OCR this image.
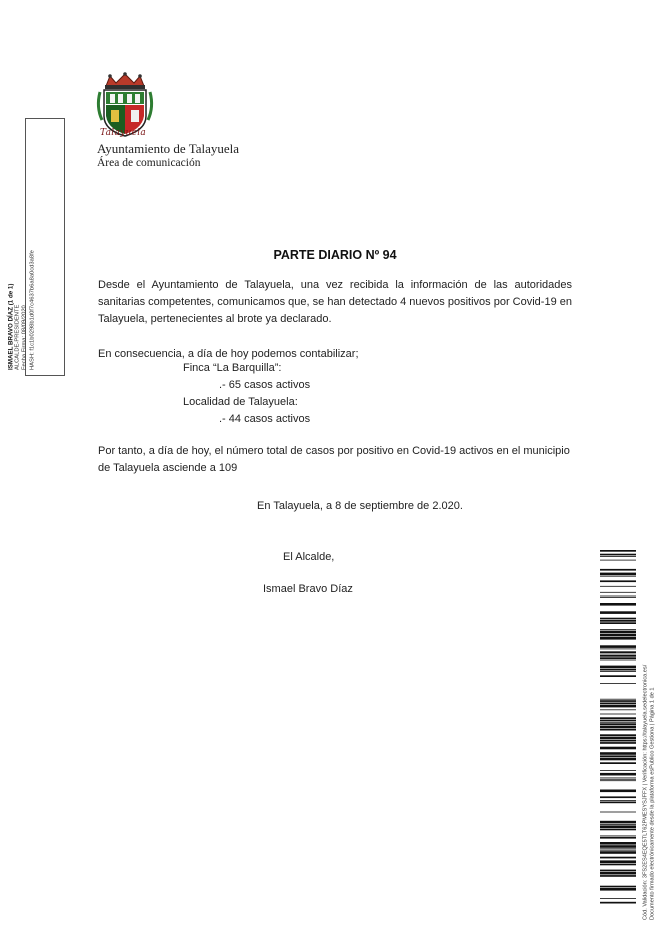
Talayuela
Ayuntamiento de Talayuela
Área de comunicación
ISMAEL BRAVO DÍAZ (1 de 1) ALCALDE-PRESIDENTE Fecha Firma: 08/09/2020 HASH: f1c1b0298b1d0f7c4637b6a8a0cd3a8fe	PARTE DIARIO Nº 94
Desde el Ayuntamiento de Talayuela, una vez recibida la información de las autoridades sanitarias competentes, comunicamos que, se han detectado 4 nuevos positivos por Covid-19 en Talayuela, pertenecientes al brote ya declarado.
En consecuencia, a día de hoy podemos contabilizar;
Finca “La Barquilla”:
.- 65 casos activos
Localidad de Talayuela:
.- 44 casos activos
Por tanto, a día de hoy, el número total de casos por positivo en Covid-19 activos en el municipio de Talayuela asciende a 109
En Talayuela, a 8 de septiembre de 2.020.
El Alcalde,
Ismael Bravo Díaz
Cód. Validación: 3FS2ES4EQE5TLT62PMESYSJFFX | Verificación: https://talayuela.sedelectronica.es/ Documento firmado electrónicamente desde la plataforma esPublico Gestiona | Página 1 de 1
